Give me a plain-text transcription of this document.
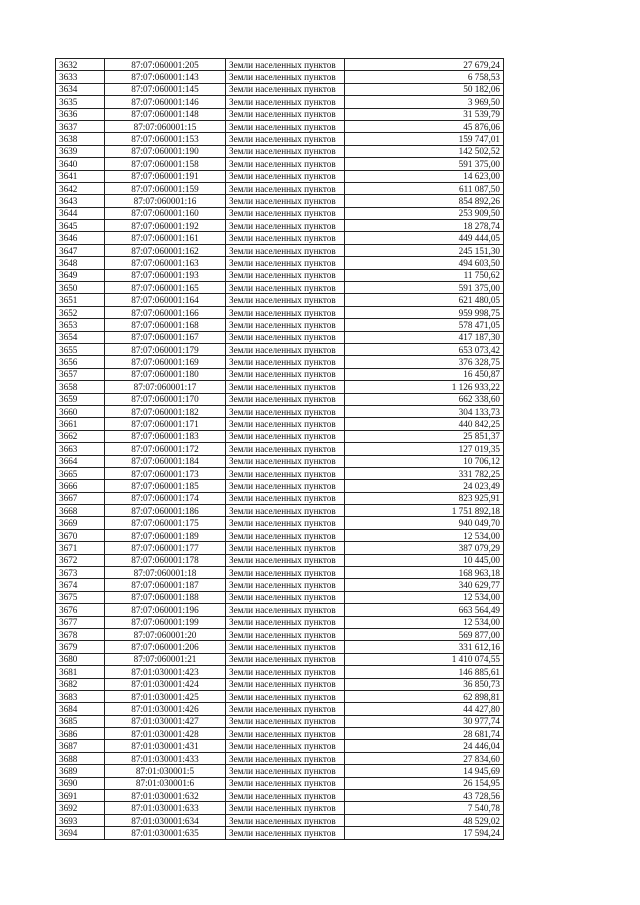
3632	87:07:060001:205	Земли населенных пунктов	27 679,24
3633	87:07:060001:143	Земли населенных пунктов	6 758,53
3634	87:07:060001:145	Земли населенных пунктов	50 182,06
3635	87:07:060001:146	Земли населенных пунктов	3 969,50
3636	87:07:060001:148	Земли населенных пунктов	31 539,79
3637	87:07:060001:15	Земли населенных пунктов	45 876,06
3638	87:07:060001:153	Земли населенных пунктов	159 747,01
3639	87:07:060001:190	Земли населенных пунктов	142 502,52
3640	87:07:060001:158	Земли населенных пунктов	591 375,00
3641	87:07:060001:191	Земли населенных пунктов	14 623,00
3642	87:07:060001:159	Земли населенных пунктов	611 087,50
3643	87:07:060001:16	Земли населенных пунктов	854 892,26
3644	87:07:060001:160	Земли населенных пунктов	253 909,50
3645	87:07:060001:192	Земли населенных пунктов	18 278,74
3646	87:07:060001:161	Земли населенных пунктов	449 444,05
3647	87:07:060001:162	Земли населенных пунктов	245 151,30
3648	87:07:060001:163	Земли населенных пунктов	494 603,50
3649	87:07:060001:193	Земли населенных пунктов	11 750,62
3650	87:07:060001:165	Земли населенных пунктов	591 375,00
3651	87:07:060001:164	Земли населенных пунктов	621 480,05
3652	87:07:060001:166	Земли населенных пунктов	959 998,75
3653	87:07:060001:168	Земли населенных пунктов	578 471,05
3654	87:07:060001:167	Земли населенных пунктов	417 187,30
3655	87:07:060001:179	Земли населенных пунктов	653 073,42
3656	87:07:060001:169	Земли населенных пунктов	376 328,75
3657	87:07:060001:180	Земли населенных пунктов	16 450,87
3658	87:07:060001:17	Земли населенных пунктов	1 126 933,22
3659	87:07:060001:170	Земли населенных пунктов	662 338,60
3660	87:07:060001:182	Земли населенных пунктов	304 133,73
3661	87:07:060001:171	Земли населенных пунктов	440 842,25
3662	87:07:060001:183	Земли населенных пунктов	25 851,37
3663	87:07:060001:172	Земли населенных пунктов	127 019,35
3664	87:07:060001:184	Земли населенных пунктов	10 706,12
3665	87:07:060001:173	Земли населенных пунктов	331 782,25
3666	87:07:060001:185	Земли населенных пунктов	24 023,49
3667	87:07:060001:174	Земли населенных пунктов	823 925,91
3668	87:07:060001:186	Земли населенных пунктов	1 751 892,18
3669	87:07:060001:175	Земли населенных пунктов	940 049,70
3670	87:07:060001:189	Земли населенных пунктов	12 534,00
3671	87:07:060001:177	Земли населенных пунктов	387 079,29
3672	87:07:060001:178	Земли населенных пунктов	10 445,00
3673	87:07:060001:18	Земли населенных пунктов	168 963,18
3674	87:07:060001:187	Земли населенных пунктов	340 629,77
3675	87:07:060001:188	Земли населенных пунктов	12 534,00
3676	87:07:060001:196	Земли населенных пунктов	663 564,49
3677	87:07:060001:199	Земли населенных пунктов	12 534,00
3678	87:07:060001:20	Земли населенных пунктов	569 877,00
3679	87:07:060001:206	Земли населенных пунктов	331 612,16
3680	87:07:060001:21	Земли населенных пунктов	1 410 074,55
3681	87:01:030001:423	Земли населенных пунктов	146 885,61
3682	87:01:030001:424	Земли населенных пунктов	36 850,73
3683	87:01:030001:425	Земли населенных пунктов	62 898,81
3684	87:01:030001:426	Земли населенных пунктов	44 427,80
3685	87:01:030001:427	Земли населенных пунктов	30 977,74
3686	87:01:030001:428	Земли населенных пунктов	28 681,74
3687	87:01:030001:431	Земли населенных пунктов	24 446,04
3688	87:01:030001:433	Земли населенных пунктов	27 834,60
3689	87:01:030001:5	Земли населенных пунктов	14 945,69
3690	87:01:030001:6	Земли населенных пунктов	26 154,95
3691	87:01:030001:632	Земли населенных пунктов	43 728,56
3692	87:01:030001:633	Земли населенных пунктов	7 540,78
3693	87:01:030001:634	Земли населенных пунктов	48 529,02
3694	87:01:030001:635	Земли населенных пунктов	17 594,24
